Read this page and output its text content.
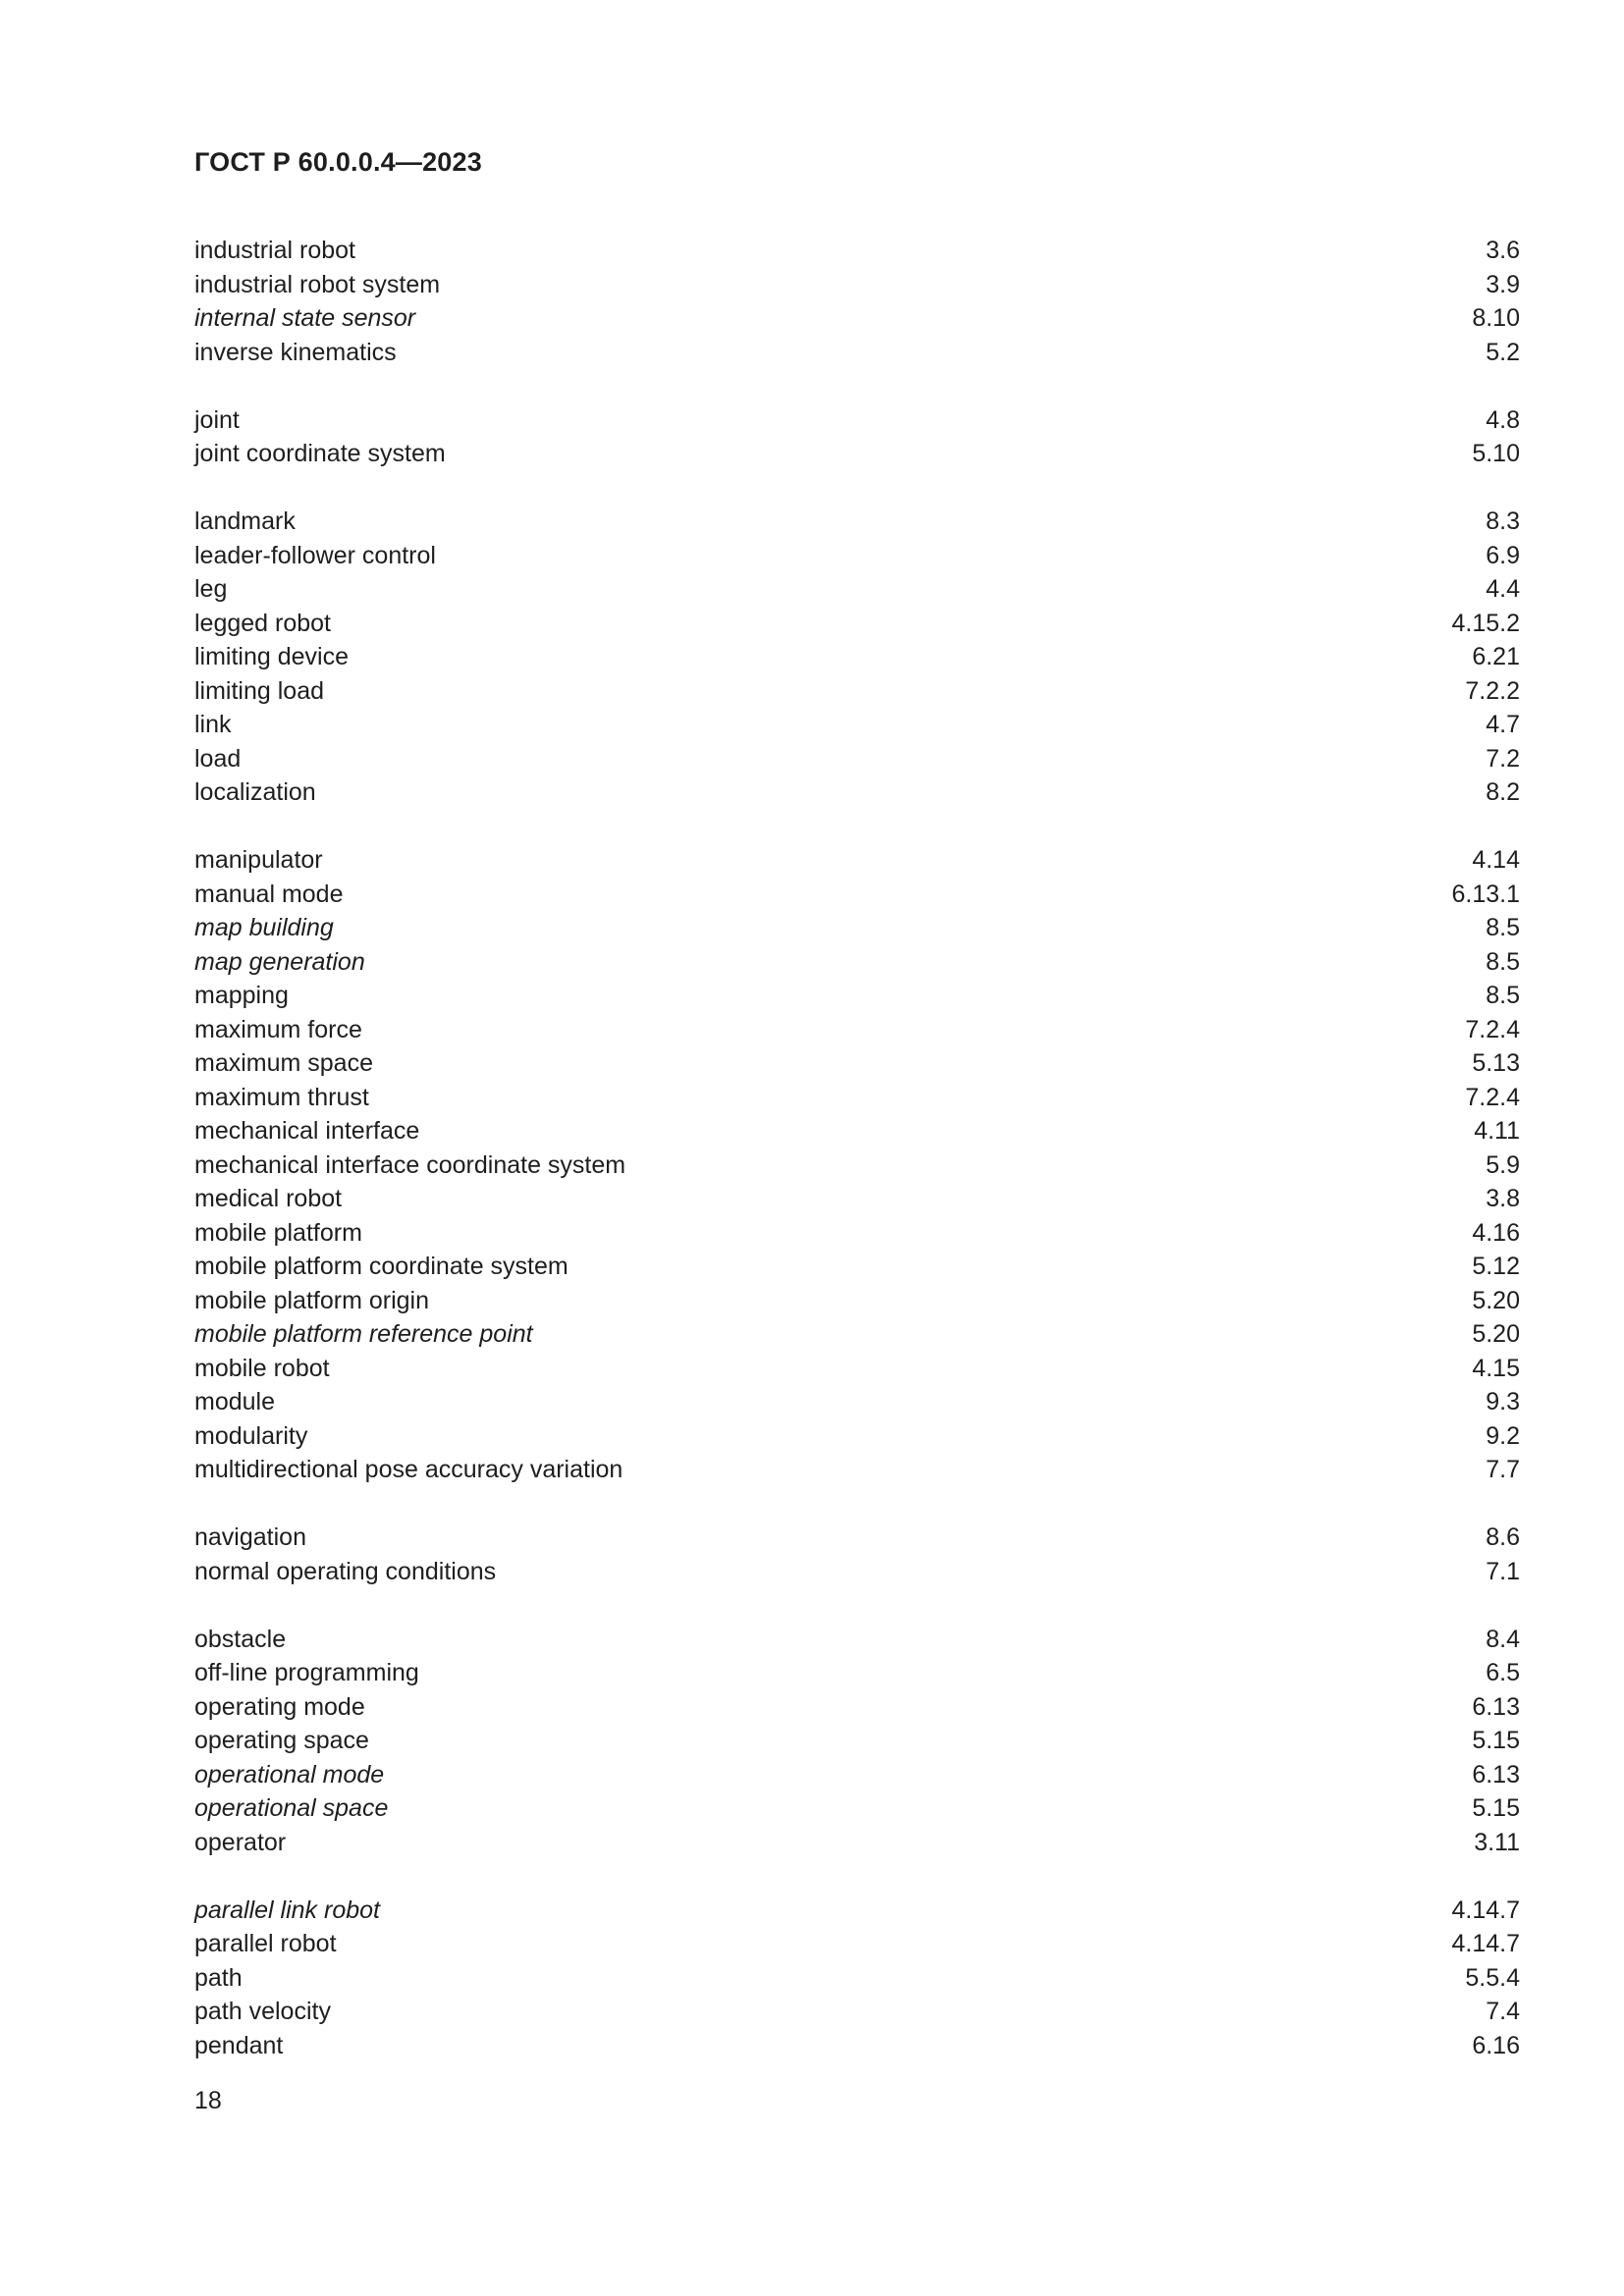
ГОСТ Р 60.0.0.4—2023
industrial robot	3.6
industrial robot system	3.9
internal state sensor	8.10
inverse kinematics	5.2
joint	4.8
joint coordinate system	5.10
landmark	8.3
leader-follower control	6.9
leg	4.4
legged robot	4.15.2
limiting device	6.21
limiting load	7.2.2
link	4.7
load	7.2
localization	8.2
manipulator	4.14
manual mode	6.13.1
map building	8.5
map generation	8.5
mapping	8.5
maximum force	7.2.4
maximum space	5.13
maximum thrust	7.2.4
mechanical interface	4.11
mechanical interface coordinate system	5.9
medical robot	3.8
mobile platform	4.16
mobile platform coordinate system	5.12
mobile platform origin	5.20
mobile platform reference point	5.20
mobile robot	4.15
module	9.3
modularity	9.2
multidirectional pose accuracy variation	7.7
navigation	8.6
normal operating conditions	7.1
obstacle	8.4
off-line programming	6.5
operating mode	6.13
operating space	5.15
operational mode	6.13
operational space	5.15
operator	3.11
parallel link robot	4.14.7
parallel robot	4.14.7
path	5.5.4
path velocity	7.4
pendant	6.16
18
